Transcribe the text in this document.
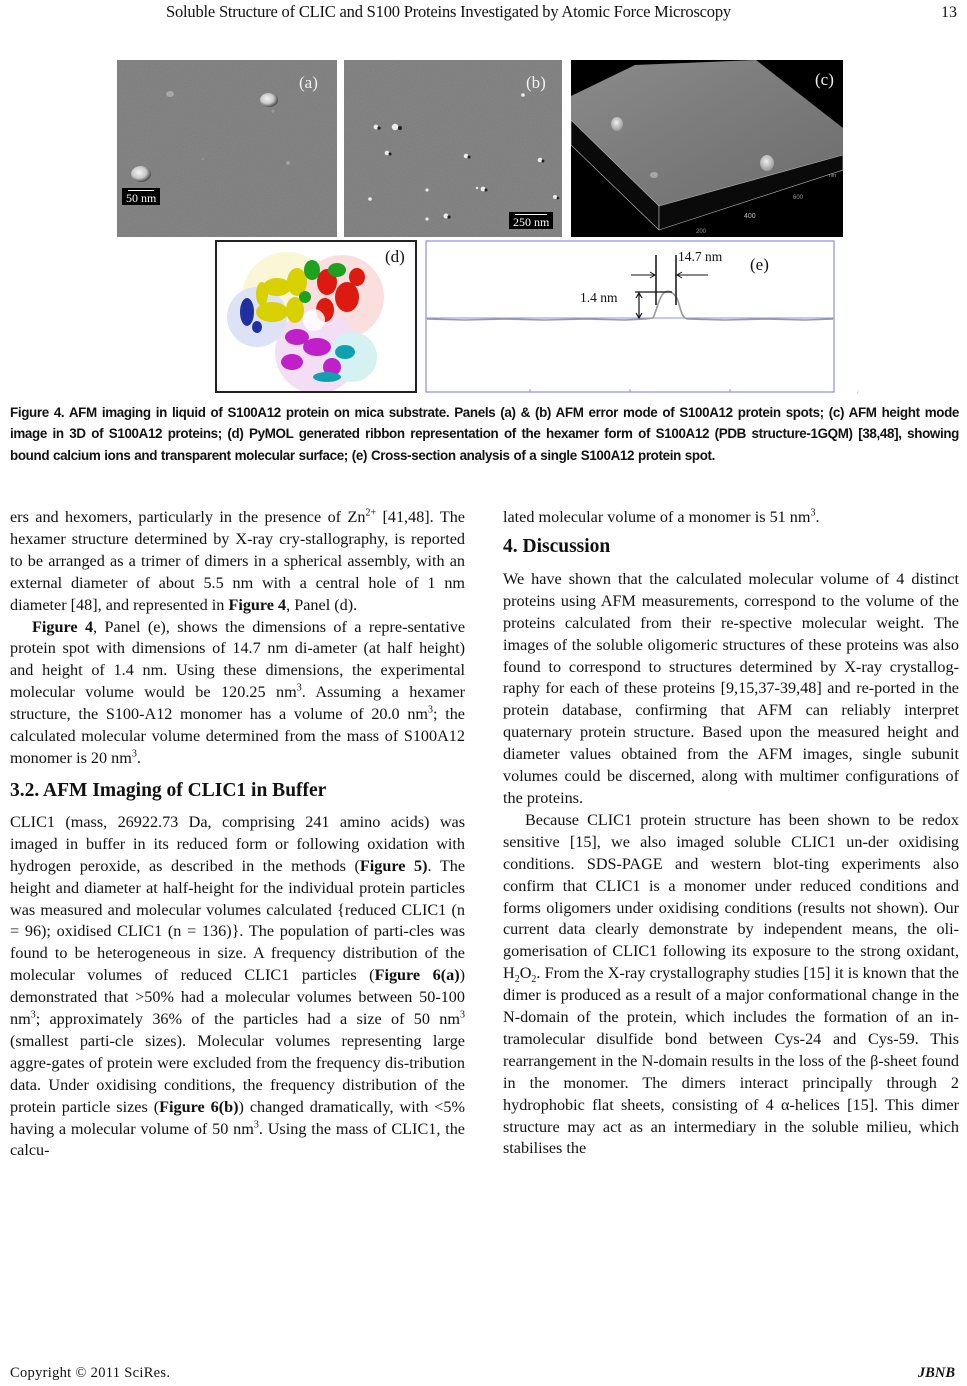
Soluble Structure of CLIC and S100 Proteins Investigated by Atomic Force Microscopy	13
(a)
50 nm
(b)
250 nm	400
200
600
nm
(c)
(d)	14.7 nm
1.4 nm
(e)
′

Figure 4. AFM imaging in liquid of S100A12 protein on mica substrate. Panels (a) & (b) AFM error mode of S100A12 protein spots; (c) AFM height mode image in 3D of S100A12 proteins; (d) PyMOL generated ribbon representation of the hexamer form of S100A12 (PDB structure-1GQM) [38,48], showing bound calcium ions and transparent molecular surface; (e) Cross-section analysis of a single S100A12 protein spot.

ers and hexomers, particularly in the presence of $Zn^{2+}$ [41,48]. The hexamer structure determined by X-ray cry-stallography, is reported to be arranged as a trimer of dimers in a spherical assembly, with an external diameter of about 5.5 nm with a central hole of 1 nm diameter [48], and represented in Figure 4, Panel (d).

Figure 4, Panel (e), shows the dimensions of a repre-sentative protein spot with dimensions of 14.7 nm di-ameter (at half height) and height of 1.4 nm. Using these dimensions, the experimental molecular volume would be 120.25 $nm^3$. Assuming a hexamer structure, the S100-A12 monomer has a volume of 20.0 $nm^3$; the calculated molecular volume determined from the mass of S100A12 monomer is 20 $nm^3$.

3.2. AFM Imaging of CLIC1 in Buffer

CLIC1 (mass, 26922.73 Da, comprising 241 amino acids) was imaged in buffer in its reduced form or following oxidation with hydrogen peroxide, as described in the methods (Figure 5). The height and diameter at half-height for the individual protein particles was measured and molecular volumes calculated {reduced CLIC1 (n = 96); oxidised CLIC1 (n = 136)}. The population of parti-cles was found to be heterogeneous in size. A frequency distribution of the molecular volumes of reduced CLIC1 particles (Figure 6(a)) demonstrated that >50% had a molecular volumes between 50-100 $nm^3$; approximately 36% of the particles had a size of 50 $nm^3$ (smallest parti-cle sizes). Molecular volumes representing large aggre-gates of protein were excluded from the frequency dis-tribution data. Under oxidising conditions, the frequency distribution of the protein particle sizes (Figure 6(b)) changed dramatically, with <5% having a molecular volume of 50 $nm^3$. Using the mass of CLIC1, the calcu-

lated molecular volume of a monomer is 51 $nm^3$.

4. Discussion

We have shown that the calculated molecular volume of 4 distinct proteins using AFM measurements, correspond to the volume of the proteins calculated from their re-spective molecular weight. The images of the soluble oligomeric structures of these proteins was also found to correspond to structures determined by X-ray crystallog-raphy for each of these proteins [9,15,37-39,48] and re-ported in the protein database, confirming that AFM can reliably interpret quaternary protein structure. Based upon the measured height and diameter values obtained from the AFM images, single subunit volumes could be discerned, along with multimer configurations of the proteins.

Because CLIC1 protein structure has been shown to be redox sensitive [15], we also imaged soluble CLIC1 un-der oxidising conditions. SDS-PAGE and western blot-ting experiments also confirm that CLIC1 is a monomer under reduced conditions and forms oligomers under oxidising conditions (results not shown). Our current data clearly demonstrate by independent means, the oli-gomerisation of CLIC1 following its exposure to the strong oxidant, $H_2O_2$. From the X-ray crystallography studies [15] it is known that the dimer is produced as a result of a major conformational change in the N-domain of the protein, which includes the formation of an in-tramolecular disulfide bond between Cys-24 and Cys-59. This rearrangement in the N-domain results in the loss of the β-sheet found in the monomer. The dimers interact principally through 2 hydrophobic flat sheets, consisting of 4 α-helices [15]. This dimer structure may act as an intermediary in the soluble milieu, which stabilises the

Copyright © 2011 SciRes.	JBNB
